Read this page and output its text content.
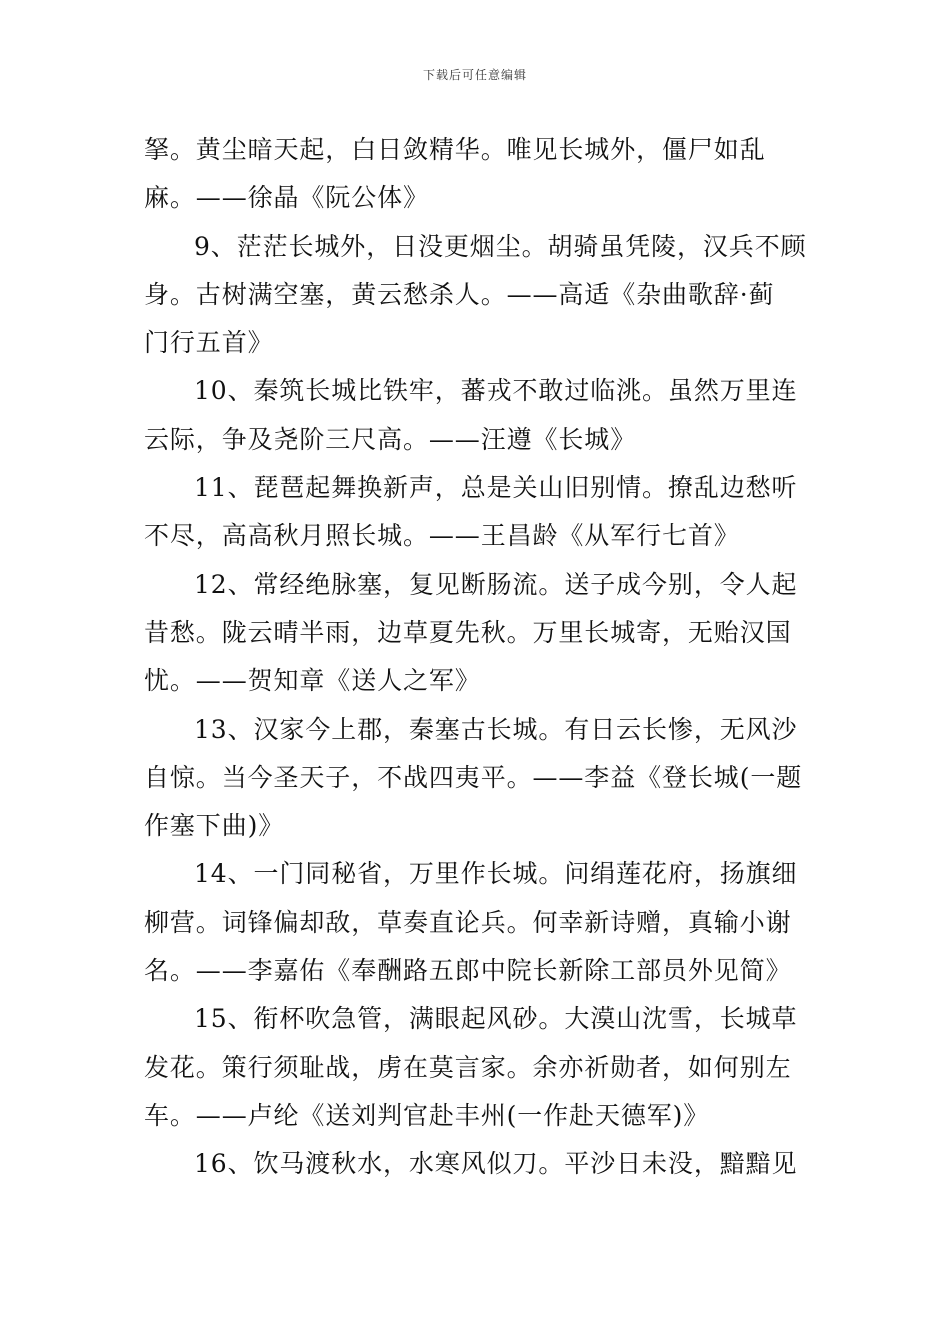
下载后可任意编辑

拏。黄尘暗天起，白日敛精华。唯见长城外，僵尸如乱
麻。——徐晶《阮公体》

9、茫茫长城外，日没更烟尘。胡骑虽凭陵，汉兵不顾
身。古树满空塞，黄云愁杀人。——高适《杂曲歌辞·蓟
门行五首》

10、秦筑长城比铁牢，蕃戎不敢过临洮。虽然万里连
云际，争及尧阶三尺高。——汪遵《长城》

11、琵琶起舞换新声，总是关山旧别情。撩乱边愁听
不尽，高高秋月照长城。——王昌龄《从军行七首》

12、常经绝脉塞，复见断肠流。送子成今别，令人起
昔愁。陇云晴半雨，边草夏先秋。万里长城寄，无贻汉国
忧。——贺知章《送人之军》

13、汉家今上郡，秦塞古长城。有日云长惨，无风沙
自惊。当今圣天子，不战四夷平。——李益《登长城(一题
作塞下曲)》

14、一门同秘省，万里作长城。问绢莲花府，扬旗细
柳营。词锋偏却敌，草奏直论兵。何幸新诗赠，真输小谢
名。——李嘉佑《奉酬路五郎中院长新除工部员外见简》

15、衔杯吹急管，满眼起风砂。大漠山沈雪，长城草
发花。策行须耻战，虏在莫言家。余亦祈勋者，如何别左
车。——卢纶《送刘判官赴丰州(一作赴天德军)》

16、饮马渡秋水，水寒风似刀。平沙日未没，黯黯见
